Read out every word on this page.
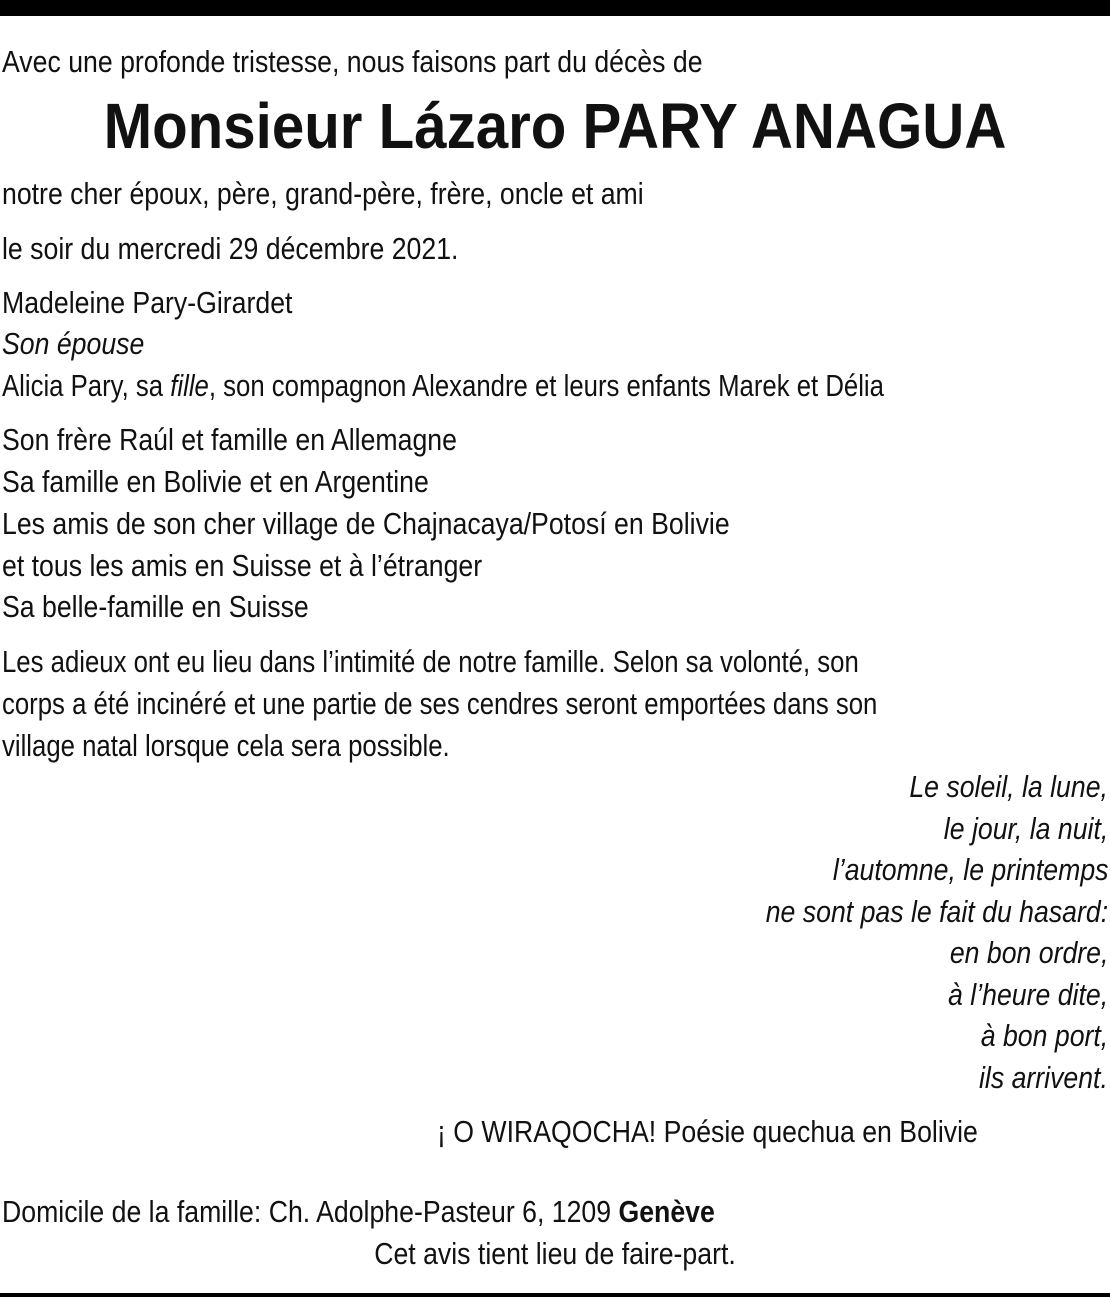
Avec une profonde tristesse, nous faisons part du décès de
Monsieur Lázaro PARY ANAGUA
notre cher époux, père, grand-père, frère, oncle et ami
le soir du mercredi 29 décembre 2021.
Madeleine Pary-Girardet
Son épouse
Alicia Pary, sa fille, son compagnon Alexandre et leurs enfants Marek et Délia
Son frère Raúl et famille en Allemagne
Sa famille en Bolivie et en Argentine
Les amis de son cher village de Chajnacaya/Potosí en Bolivie
et tous les amis en Suisse et à l’étranger
Sa belle-famille en Suisse
Les adieux ont eu lieu dans l’intimité de notre famille. Selon sa volonté, son
corps a été incinéré et une partie de ses cendres seront emportées dans son
village natal lorsque cela sera possible.
Le soleil, la lune,
le jour, la nuit,
l’automne, le printemps
ne sont pas le fait du hasard:
en bon ordre,
à l’heure dite,
à bon port,
ils arrivent.
¡ O WIRAQOCHA! Poésie quechua en Bolivie
Domicile de la famille: Ch. Adolphe-Pasteur 6, 1209 Genève
Cet avis tient lieu de faire-part.
